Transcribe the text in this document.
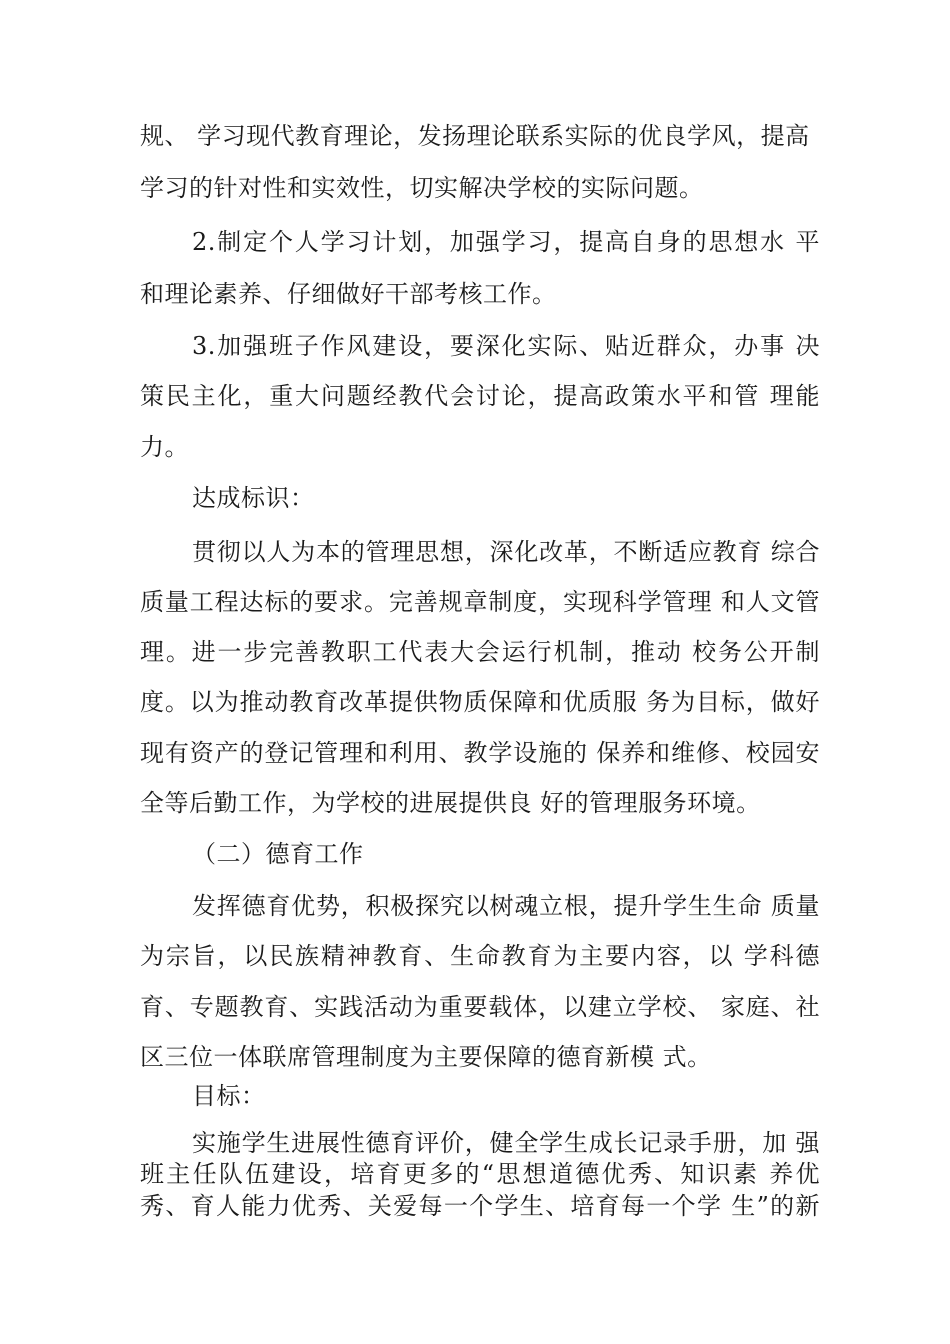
规、 学习现代教育理论，发扬理论联系实际的优良学风，提高
学习的针对性和实效性，切实解决学校的实际问题。
2.制定个人学习计划，加强学习，提高自身的思想水 平
和理论素养、仔细做好干部考核工作。
3.加强班子作风建设，要深化实际、贴近群众，办事 决
策民主化，重大问题经教代会讨论，提高政策水平和管 理能
力。
达成标识：
贯彻以人为本的管理思想，深化改革，不断适应教育 综合
质量工程达标的要求。完善规章制度，实现科学管理 和人文管
理。进一步完善教职工代表大会运行机制，推动 校务公开制
度。以为推动教育改革提供物质保障和优质服 务为目标，做好
现有资产的登记管理和利用、教学设施的 保养和维修、校园安
全等后勤工作，为学校的进展提供良 好的管理服务环境。
（二）德育工作
发挥德育优势，积极探究以树魂立根，提升学生生命 质量
为宗旨，以民族精神教育、生命教育为主要内容，以 学科德
育、专题教育、实践活动为重要载体，以建立学校、 家庭、社
区三位一体联席管理制度为主要保障的德育新模 式。
目标：
实施学生进展性德育评价，健全学生成长记录手册，加 强
班主任队伍建设，培育更多的“思想道德优秀、知识素 养优
秀、育人能力优秀、关爱每一个学生、培育每一个学 生”的新
